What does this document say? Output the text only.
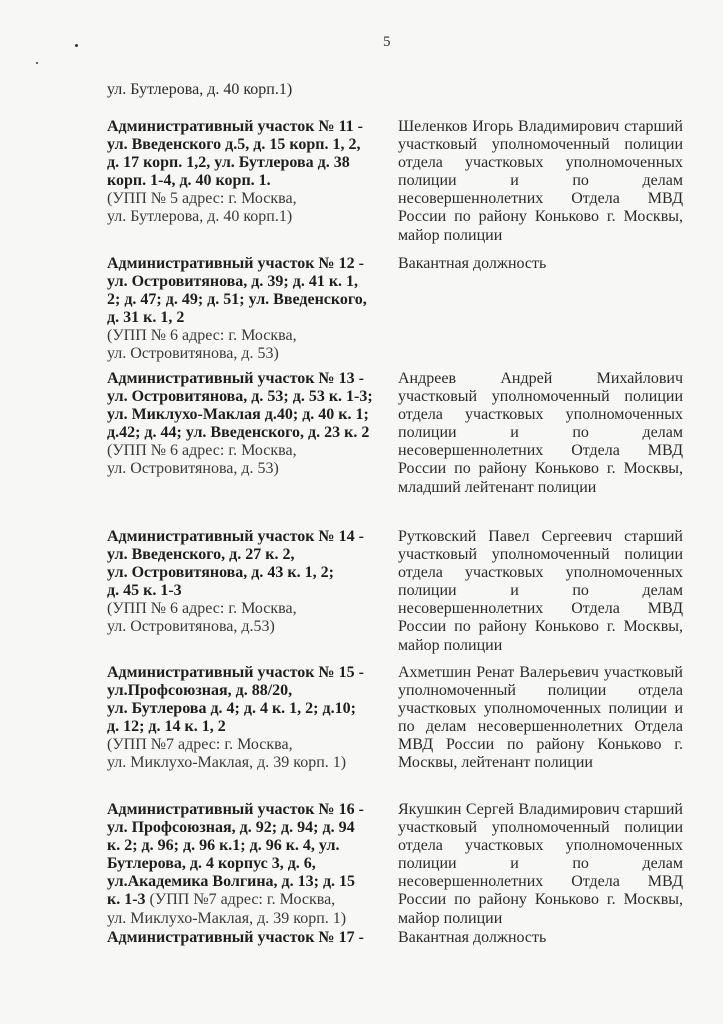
5
ул. Бутлерова, д. 40 корп.1)
Административный участок № 11 -
ул. Введенского д.5, д. 15 корп. 1, 2,
д. 17 корп. 1,2, ул. Бутлерова д. 38
корп. 1-4, д. 40 корп. 1.
(УПП № 5 адрес: г. Москва,
ул. Бутлерова, д. 40 корп.1)
Шеленков Игорь Владимирович старший участковый уполномоченный полиции отдела участковых уполномоченных полиции и по делам несовершеннолетних Отдела МВД России по району Коньково г. Москвы, майор полиции
Административный участок № 12 -
ул. Островитянова, д. 39; д. 41 к. 1,
2; д. 47; д. 49; д. 51; ул. Введенского,
д. 31 к. 1, 2
(УПП № 6 адрес: г. Москва,
ул. Островитянова, д. 53)
Вакантная должность
Административный участок № 13 -
ул. Островитянова, д. 53; д. 53 к. 1-3;
ул. Миклухо-Маклая д.40; д. 40 к. 1;
д.42; д. 44; ул. Введенского, д. 23 к. 2
(УПП № 6 адрес: г. Москва,
ул. Островитянова, д. 53)
Андреев Андрей Михайлович участковый уполномоченный полиции отдела участковых уполномоченных полиции и по делам несовершеннолетних Отдела МВД России по району Коньково г. Москвы, младший лейтенант полиции
Административный участок № 14 -
ул. Введенского, д. 27 к. 2,
ул. Островитянова, д. 43 к. 1, 2;
д. 45 к. 1-3
(УПП № 6 адрес: г. Москва,
ул. Островитянова, д.53)
Рутковский Павел Сергеевич старший участковый уполномоченный полиции отдела участковых уполномоченных полиции и по делам несовершеннолетних Отдела МВД России по району Коньково г. Москвы, майор полиции
Административный участок № 15 -
ул.Профсоюзная, д. 88/20,
ул. Бутлерова д. 4; д. 4 к. 1, 2; д.10;
д. 12; д. 14 к. 1, 2
(УПП №7 адрес: г. Москва,
ул. Миклухо-Маклая, д. 39 корп. 1)
Ахметшин Ренат Валерьевич участковый уполномоченный полиции отдела участковых уполномоченных полиции и по делам несовершеннолетних Отдела МВД России по району Коньково г. Москвы, лейтенант полиции
Административный участок № 16 -
ул. Профсоюзная, д. 92; д. 94; д. 94
к. 2; д. 96; д. 96 к.1; д. 96 к. 4, ул.
Бутлерова, д. 4 корпус 3, д. 6,
ул.Академика Волгина, д. 13; д. 15
к. 1-3 (УПП №7 адрес: г. Москва,
ул. Миклухо-Маклая, д. 39 корп. 1)
Якушкин Сергей Владимирович старший участковый уполномоченный полиции отдела участковых уполномоченных полиции и по делам несовершеннолетних Отдела МВД России по району Коньково г. Москвы, майор полиции
Административный участок № 17 -	Вакантная должность
